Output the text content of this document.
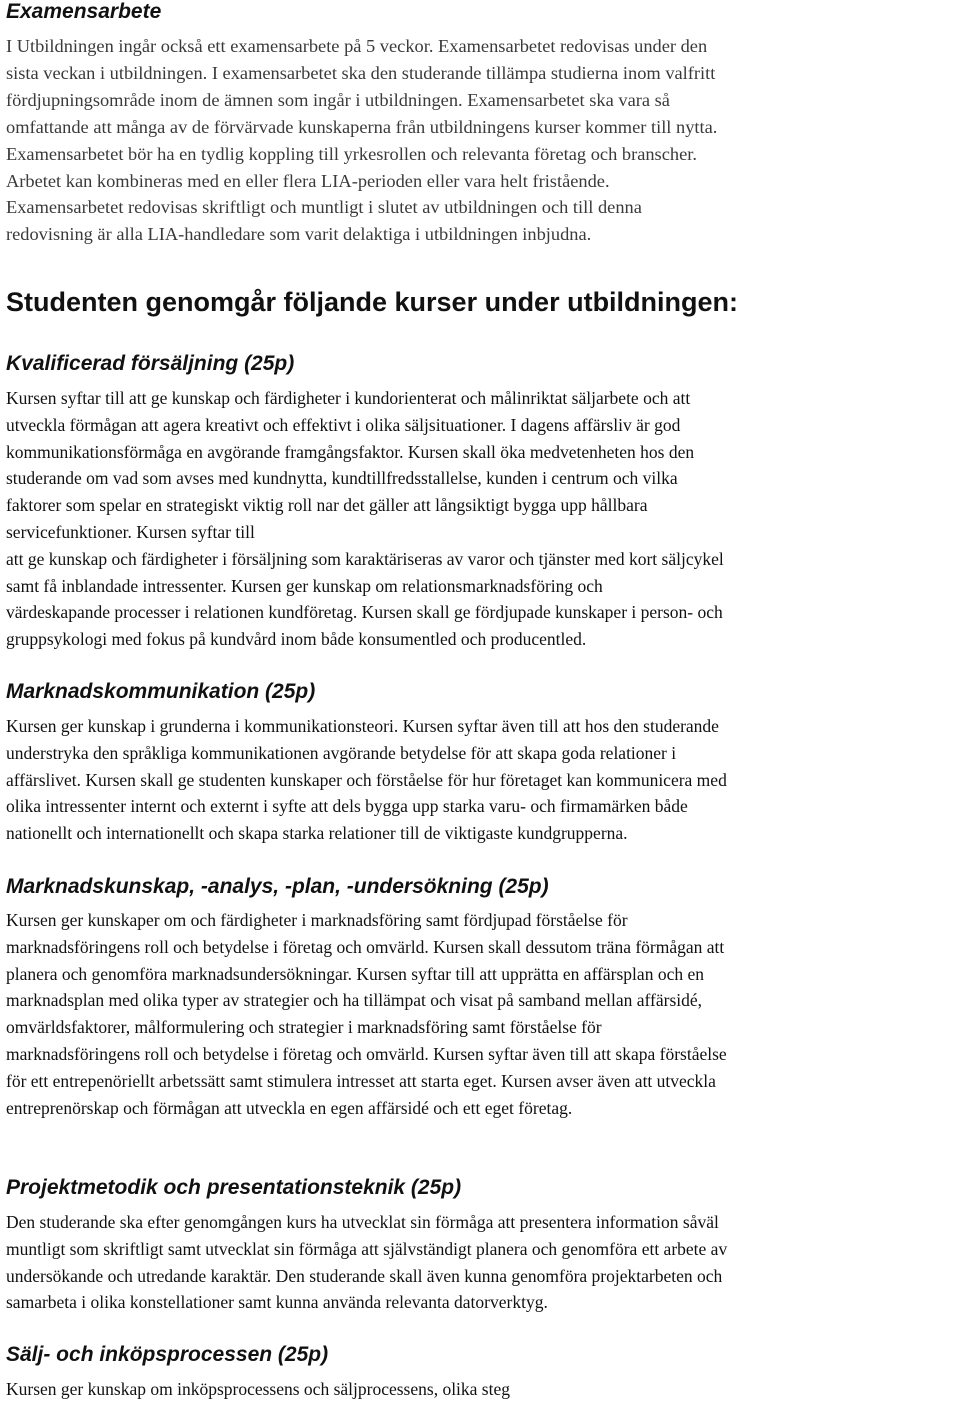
Examensarbete
I Utbildningen ingår också ett examensarbete på 5 veckor. Examensarbetet redovisas under den
sista veckan i utbildningen. I examensarbetet ska den studerande tillämpa studierna inom valfritt
fördjupningsområde inom de ämnen som ingår i utbildningen. Examensarbetet ska vara så
omfattande att många av de förvärvade kunskaperna från utbildningens kurser kommer till nytta.
Examensarbetet bör ha en tydlig koppling till yrkesrollen och relevanta företag och branscher.
Arbetet kan kombineras med en eller flera LIA-perioden eller vara helt fristående.
Examensarbetet redovisas skriftligt och muntligt i slutet av utbildningen och till denna
redovisning är alla LIA-handledare som varit delaktiga i utbildningen inbjudna.
Studenten genomgår följande kurser under utbildningen:
Kvalificerad försäljning (25p)
Kursen syftar till att ge kunskap och färdigheter i kundorienterat och målinriktat säljarbete och att
utveckla förmågan att agera kreativt och effektivt i olika säljsituationer. I dagens affärsliv är god
kommunikationsförmåga en avgörande framgångsfaktor. Kursen skall öka medvetenheten hos den
studerande om vad som avses med kundnytta, kundtillfredsstallelse, kunden i centrum och vilka
faktorer som spelar en strategiskt viktig roll nar det gäller att långsiktigt bygga upp hållbara
servicefunktioner. Kursen syftar till
att ge kunskap och färdigheter i försäljning som karaktäriseras av varor och tjänster med kort säljcykel
samt få inblandade intressenter. Kursen ger kunskap om relationsmarknadsföring och
värdeskapande processer i relationen kundföretag. Kursen skall ge fördjupade kunskaper i person- och
gruppsykologi med fokus på kundvård inom både konsumentled och producentled.
Marknadskommunikation (25p)
Kursen ger kunskap i grunderna i kommunikationsteori. Kursen syftar även till att hos den studerande
understryka den språkliga kommunikationen avgörande betydelse för att skapa goda relationer i
affärslivet. Kursen skall ge studenten kunskaper och förståelse för hur företaget kan kommunicera med
olika intressenter internt och externt i syfte att dels bygga upp starka varu- och firmamärken både
nationellt och internationellt och skapa starka relationer till de viktigaste kundgrupperna.
Marknadskunskap, -analys, -plan, -undersökning (25p)
Kursen ger kunskaper om och färdigheter i marknadsföring samt fördjupad förståelse för
marknadsföringens roll och betydelse i företag och omvärld. Kursen skall dessutom träna förmågan att
planera och genomföra marknadsundersökningar. Kursen syftar till att upprätta en affärsplan och en
marknadsplan med olika typer av strategier och ha tillämpat och visat på samband mellan affärsidé,
omvärldsfaktorer, målformulering och strategier i marknadsföring samt förståelse för
marknadsföringens roll och betydelse i företag och omvärld. Kursen syftar även till att skapa förståelse
för ett entrepenöriellt arbetssätt samt stimulera intresset att starta eget. Kursen avser även att utveckla
entreprenörskap och förmågan att utveckla en egen affärsidé och ett eget företag.
Projektmetodik och presentationsteknik (25p)
Den studerande ska efter genomgången kurs ha utvecklat sin förmåga att presentera information såväl
muntligt som skriftligt samt utvecklat sin förmåga att självständigt planera och genomföra ett arbete av
undersökande och utredande karaktär. Den studerande skall även kunna genomföra projektarbeten och
samarbeta i olika konstellationer samt kunna använda relevanta datorverktyg.
Sälj- och inköpsprocessen (25p)
Kursen ger kunskap om inköpsprocessens och säljprocessens, olika steg
